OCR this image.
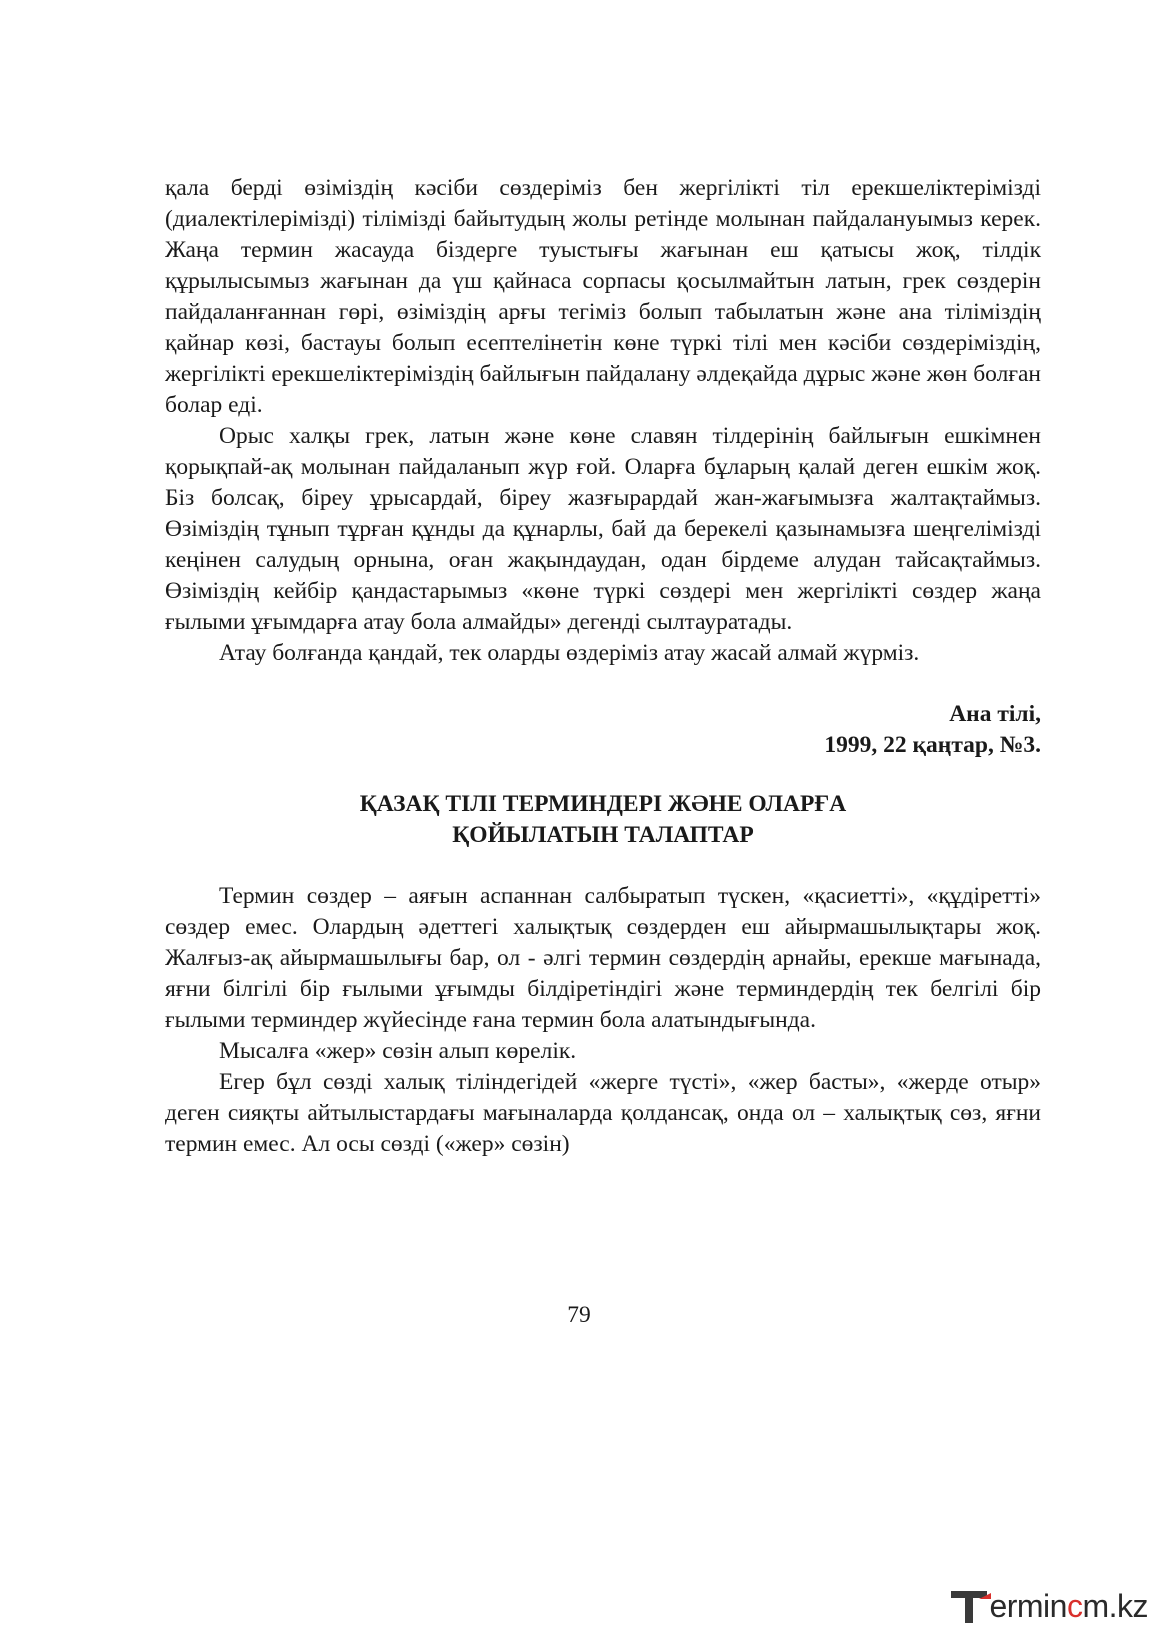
қала берді өзіміздің кәсіби сөздеріміз бен жергілікті тіл ерекшеліктерімізді (диалектілерімізді) тілімізді байытудың жолы ретінде молынан пайдалануымыз керек. Жаңа термин жасауда біздерге туыстығы жағынан еш қатысы жоқ, тілдік құрылысымыз жағынан да үш қайнаса сорпасы қосылмайтын латын, грек сөздерін пайдаланғаннан гөрі, өзіміздің арғы тегіміз болып табылатын және ана тіліміздің қайнар көзі, бастауы болып есептелінетін көне түркі тілі мен кәсіби сөздеріміздің, жергілікті ерекшеліктеріміздің байлығын пайдалану әлдеқайда дұрыс және жөн болған болар еді.

Орыс халқы грек, латын және көне славян тілдерінің байлығын ешкімнен қорықпай-ақ молынан пайдаланып жүр ғой. Оларға бұларың қалай деген ешкім жоқ. Біз болсақ, біреу ұрысардай, біреу жазғырардай жан-жағымызға жалтақтаймыз. Өзіміздің тұнып тұрған құнды да құнарлы, бай да берекелі қазынамызға шеңгелімізді кеңінен салудың орнына, оған жақындаудан, одан бірдеме алудан тайсақтаймыз. Өзіміздің кейбір қандастарымыз «көне түркі сөздері мен жергілікті сөздер жаңа ғылыми ұғымдарға атау бола алмайды» дегенді сылтауратады.

Атау болғанда қандай, тек оларды өздеріміз атау жасай алмай жүрміз.

Ана тілі,
1999, 22 қаңтар, №3.
ҚАЗАҚ ТІЛІ ТЕРМИНДЕРІ ЖӘНЕ ОЛАРҒА
ҚОЙЫЛАТЫН ТАЛАПТАР

Термин сөздер – аяғын аспаннан салбыратып түскен, «қасиетті», «құдіретті» сөздер емес. Олардың әдеттегі халықтық сөздерден еш айырмашылықтары жоқ. Жалғыз-ақ айырмашылығы бар, ол - әлгі термин сөздердің арнайы, ерекше мағынада, яғни білгілі бір ғылыми ұғымды білдіретіндігі және терминдердің тек белгілі бір ғылыми терминдер жүйесінде ғана термин бола алатындығында.

Мысалға «жер» сөзін алып көрелік.

Егер бұл сөзді халық тіліндегідей «жерге түсті», «жер басты», «жерде отыр» деген сияқты айтылыстардағы мағыналарда қолдансақ, онда ол – халықтық сөз, яғни термин емес. Ал осы сөзді («жер» сөзін)

79
ermincm.kz
